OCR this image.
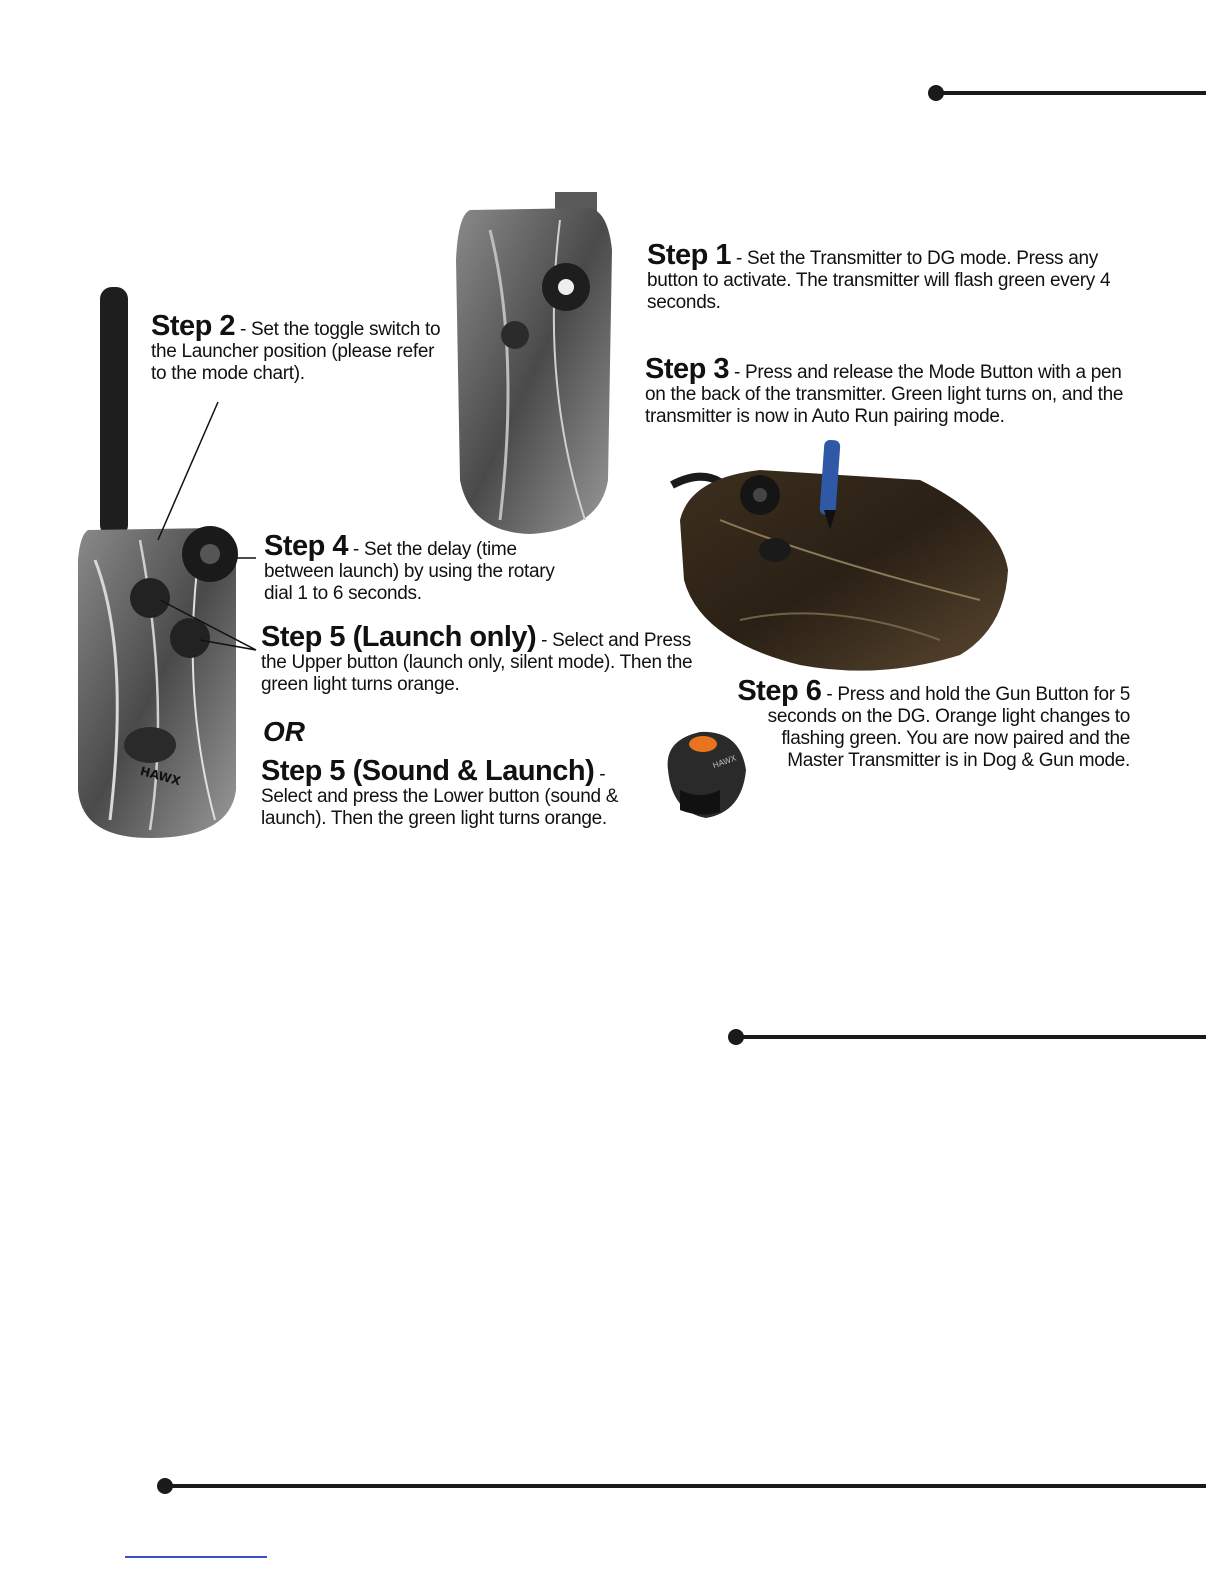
HAWX
HAWX
Step 1 - Set the Transmitter to DG mode. Press any button to activate. The transmitter will flash green every 4 seconds.
Step 2 - Set the toggle switch to the Launcher position (please refer to the mode chart).	Step 3 - Press and release the Mode Button with a pen on the back of the transmitter. Green light turns on, and the transmitter is now in Auto Run pairing mode.
Step 4 - Set the delay (time between launch) by using the rotary dial 1 to 6 seconds.
Step 5 (Launch only) - Select and Press the Upper button (launch only, silent mode). Then the green light turns orange.
OR
Step 5 (Sound & Launch) - Select and press the Lower button (sound & launch). Then the green light turns orange.
Step 6 - Press and hold the Gun Button for 5 seconds on the DG. Orange light changes to flashing green. You are now paired and the Master Transmitter is in Dog & Gun mode.
